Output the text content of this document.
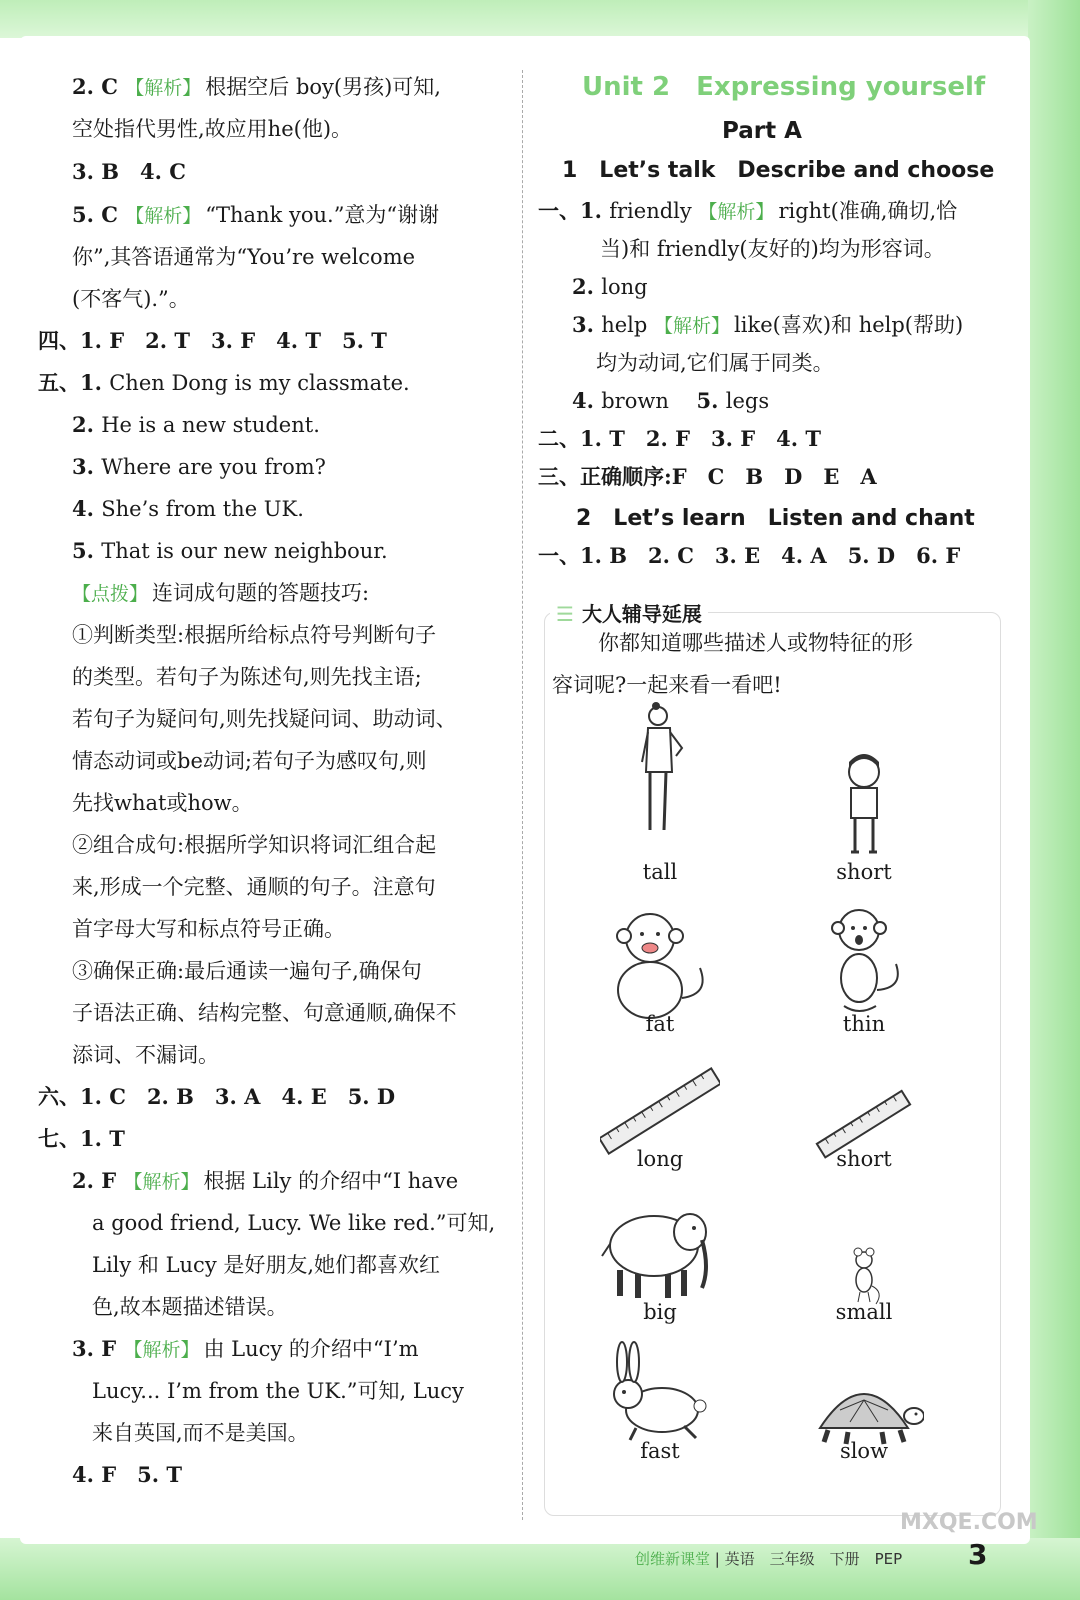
2. C 【解析】 根据空后 boy(男孩)可知,
空处指代男性,故应用he(他)。
3. B　4. C
5. C 【解析】 “Thank you.”意为“谢谢
你”,其答语通常为“You’re welcome
(不客气).”。
四、1. F　2. T　3. F　4. T　5. T
五、1. Chen Dong is my classmate.
2. He is a new student.
3. Where are you from?
4. She’s from the UK.
5. That is our new neighbour.
【点拨】 连词成句题的答题技巧:
①判断类型:根据所给标点符号判断句子
的类型。若句子为陈述句,则先找主语;
若句子为疑问句,则先找疑问词、助动词、
情态动词或be动词;若句子为感叹句,则
先找what或how。
②组合成句:根据所学知识将词汇组合起
来,形成一个完整、通顺的句子。注意句
首字母大写和标点符号正确。
③确保正确:最后通读一遍句子,确保句
子语法正确、结构完整、句意通顺,确保不
添词、不漏词。
六、1. C　2. B　3. A　4. E　5. D
七、1. T
2. F 【解析】 根据 Lily 的介绍中“I have
a good friend, Lucy. We like red.”可知,
Lily 和 Lucy 是好朋友,她们都喜欢红
色,故本题描述错误。
3. F 【解析】 由 Lucy 的介绍中“I’m
Lucy... I’m from the UK.”可知, Lucy
来自英国,而不是美国。
4. F　5. T
Unit 2　Expressing yourself
Part A
1　Let’s talk　Describe and choose
一、1. friendly 【解析】 right(准确,确切,恰
当)和 friendly(友好的)均为形容词。
2. long
3. help 【解析】 like(喜欢)和 help(帮助)
均为动词,它们属于同类。
4. brown　 5. legs
二、1. T　2. F　3. F　4. T
三、正确顺序:F　C　B　D　E　A
2　Let’s learn　Listen and chant
一、1. B　2. C　3. E　4. A　5. D　6. F
☰ 大人辅导延展
你都知道哪些描述人或物特征的形
容词呢?一起来看一看吧!
tall	short
fat	thin
long	short
big	small
fast	slow
创维新课堂 | 英语　三年级　下册　PEP 3
MXQE.COM
